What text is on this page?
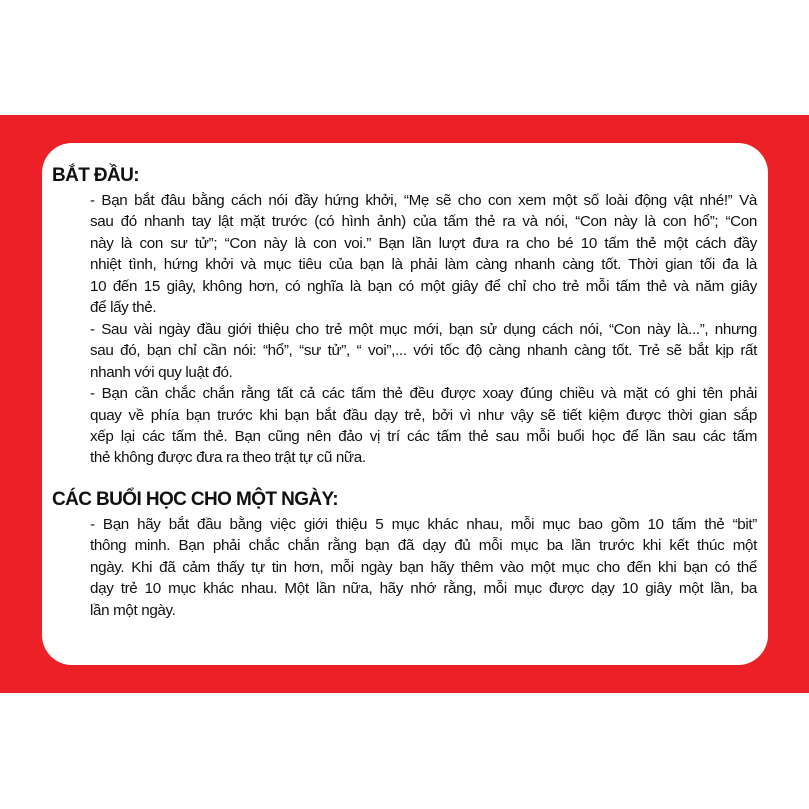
BẮT ĐẦU:
- Bạn bắt đâu bằng cách nói đầy hứng khởi, “Mẹ sẽ cho con xem một số loài động vật nhé!” Và
sau đó nhanh tay lật mặt trước (có hình ảnh) của tấm thẻ ra và nói, “Con này là con hổ”; “Con
này là con sư tử”; “Con này là con voi.” Bạn lần lượt đưa ra cho bé 10 tấm thẻ một cách đầy
nhiệt tình, hứng khởi và mục tiêu của bạn là phải làm càng nhanh càng tốt. Thời gian tối đa là
10 đến 15 giây, không hơn, có nghĩa là bạn có một giây để chỉ cho trẻ mỗi tấm thẻ và năm giây
để lấy thẻ.
- Sau vài ngày đầu giới thiệu cho trẻ một mục mới, bạn sử dụng cách nói, “Con này là...”, nhưng
sau đó, bạn chỉ cần nói: “hổ”, “sư tử”, “ voi”,... với tốc độ càng nhanh càng tốt. Trẻ sẽ bắt kịp rất
nhanh với quy luật đó.
- Bạn cần chắc chắn rằng tất cả các tấm thẻ đều được xoay đúng chiều và mặt có ghi tên phải
quay về phía bạn trước khi bạn bắt đầu dạy trẻ, bởi vì như vậy sẽ tiết kiệm được thời gian sắp
xếp lại các tấm thẻ. Bạn cũng nên đảo vị trí các tấm thẻ sau mỗi buổi học để lần sau các tấm
thẻ không được đưa ra theo trật tự cũ nữa.
CÁC BUỔI HỌC CHO MỘT NGÀY:
- Bạn hãy bắt đầu bằng việc giới thiệu 5 mục khác nhau, mỗi mục bao gồm 10 tấm thẻ “bit”
thông minh. Bạn phải chắc chắn rằng bạn đã dạy đủ mỗi mục ba lần trước khi kết thúc một
ngày. Khi đã cảm thấy tự tin hơn, mỗi ngày bạn hãy thêm vào một mục cho đến khi bạn có thể
dạy trẻ 10 mục khác nhau. Một lần nữa, hãy nhớ rằng, mỗi mục được dạy 10 giây một lần, ba
lần một ngày.
